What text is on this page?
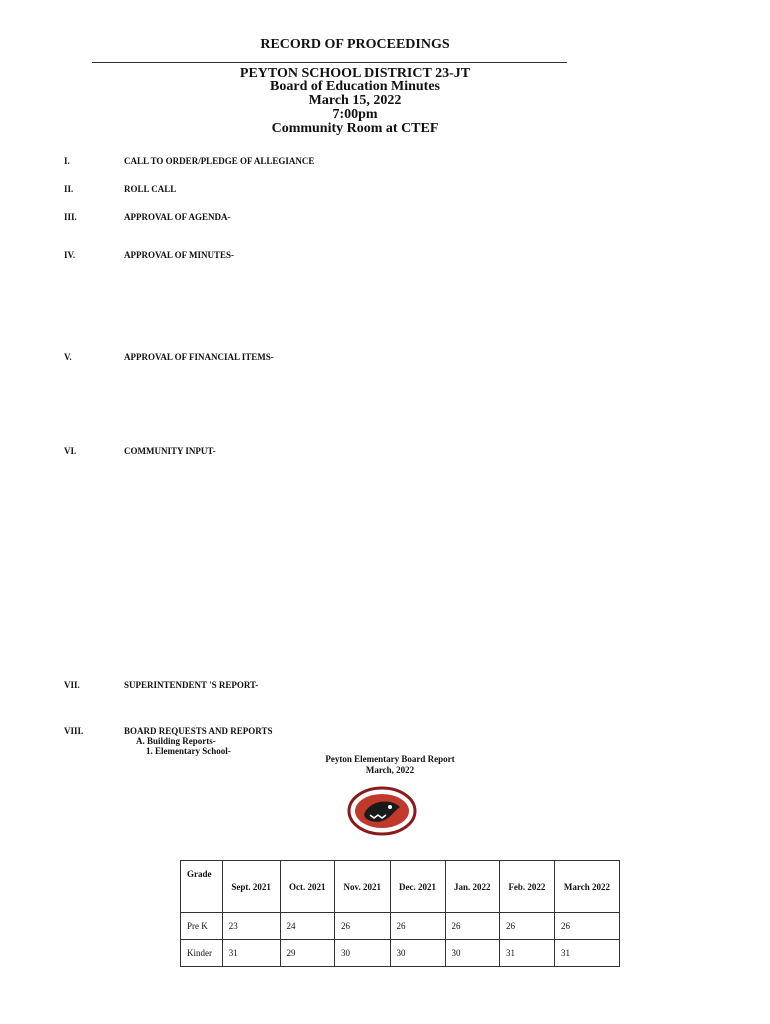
RECORD OF PROCEEDINGS
PEYTON SCHOOL DISTRICT 23-JT
Board of Education Minutes
March 15, 2022
7:00pm
Community Room at CTEF
I.	CALL TO ORDER/PLEDGE OF ALLEGIANCE
II.	ROLL CALL
III.	APPROVAL OF AGENDA-
IV.	APPROVAL OF MINUTES-
V.	APPROVAL OF FINANCIAL ITEMS-
VI.	COMMUNITY INPUT-
VII.	SUPERINTENDENT 'S REPORT-
VIII.	BOARD REQUESTS AND REPORTS
A. Building Reports-
1. Elementary School-
Peyton Elementary Board Report
March, 2022
Grade	Sept. 2021	Oct. 2021	Nov. 2021	Dec. 2021	Jan. 2022	Feb. 2022	March 2022
Pre K	23	24	26	26	26	26	26
Kinder	31	29	30	30	30	31	31
